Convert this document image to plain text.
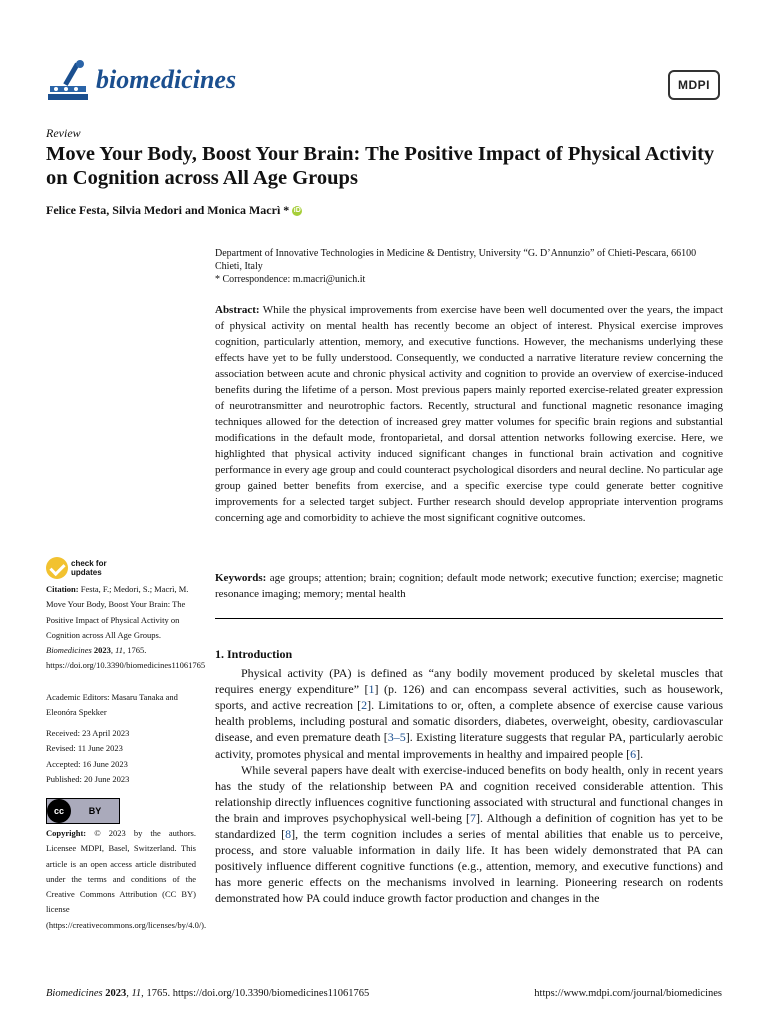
biomedicines	MDPI
Review
Move Your Body, Boost Your Brain: The Positive Impact of Physical Activity on Cognition across All Age Groups
Felice Festa, Silvia Medori and Monica Macrì * iD
Department of Innovative Technologies in Medicine & Dentistry, University “G. D’Annunzio” of Chieti-Pescara, 66100 Chieti, Italy
* Correspondence: m.macri@unich.it
Abstract: While the physical improvements from exercise have been well documented over the years, the impact of physical activity on mental health has recently become an object of interest. Physical exercise improves cognition, particularly attention, memory, and executive functions. However, the mechanisms underlying these effects have yet to be fully understood. Consequently, we conducted a narrative literature review concerning the association between acute and chronic physical activity and cognition to provide an overview of exercise-induced benefits during the lifetime of a person. Most previous papers mainly reported exercise-related greater expression of neurotransmitter and neurotrophic factors. Recently, structural and functional magnetic resonance imaging techniques allowed for the detection of increased grey matter volumes for specific brain regions and substantial modifications in the default mode, frontoparietal, and dorsal attention networks following exercise. Here, we highlighted that physical activity induced significant changes in functional brain activation and cognitive performance in every age group and could counteract psychological disorders and neural decline. No particular age group gained better benefits from exercise, and a specific exercise type could generate better cognitive improvements for a selected target subject. Further research should develop appropriate intervention programs concerning age and comorbidity to achieve the most significant cognitive outcomes.
Keywords: age groups; attention; brain; cognition; default mode network; executive function; exercise; magnetic resonance imaging; memory; mental health
1. Introduction

Physical activity (PA) is defined as “any bodily movement produced by skeletal muscles that requires energy expenditure” [1] (p. 126) and can encompass several activities, such as housework, sports, and active recreation [2]. Limitations to or, often, a complete absence of exercise cause various health problems, including postural and somatic disorders, diabetes, overweight, obesity, cardiovascular disease, and even premature death [3–5]. Existing literature suggests that regular PA, particularly aerobic activity, promotes physical and mental improvements in healthy and impaired people [6].

While several papers have dealt with exercise-induced benefits on body health, only in recent years has the study of the relationship between PA and cognition received considerable attention. This relationship directly influences cognitive functioning associated with structural and functional changes in the brain and improves psychophysical well-being [7]. Although a definition of cognition has yet to be standardized [8], the term cognition includes a series of mental abilities that enable us to perceive, process, and store valuable information in daily life. It has been widely demonstrated that PA can positively influence different cognitive functions (e.g., attention, memory, and executive functions) and has more generic effects on the mechanisms involved in learning. Pioneering research on rodents demonstrated how PA could induce growth factor production and changes in the

check for
updates
Citation: Festa, F.; Medori, S.; Macrì, M. Move Your Body, Boost Your Brain: The Positive Impact of Physical Activity on Cognition across All Age Groups. Biomedicines 2023, 11, 1765. https://doi.org/10.3390/biomedicines11061765
Academic Editors: Masaru Tanaka and Eleonóra Spekker
Received: 23 April 2023
Revised: 11 June 2023
Accepted: 16 June 2023
Published: 20 June 2023
cc	BY
Copyright: © 2023 by the authors. Licensee MDPI, Basel, Switzerland. This article is an open access article distributed under the terms and conditions of the Creative Commons Attribution (CC BY) license (https://creativecommons.org/licenses/by/4.0/).
Biomedicines 2023, 11, 1765. https://doi.org/10.3390/biomedicines11061765	https://www.mdpi.com/journal/biomedicines
